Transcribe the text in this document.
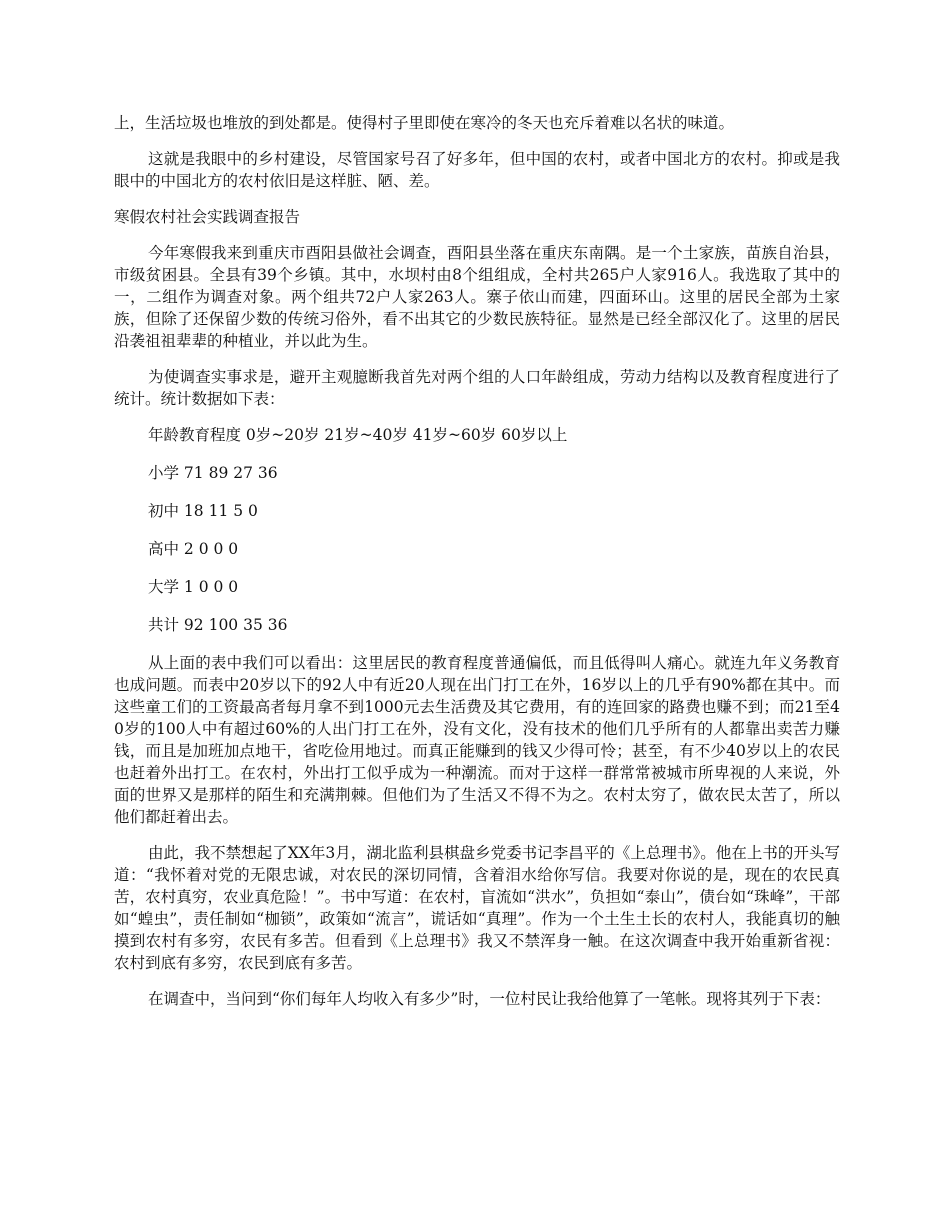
上，生活垃圾也堆放的到处都是。使得村子里即使在寒冷的冬天也充斥着难以名状的味道。

这就是我眼中的乡村建设，尽管国家号召了好多年，但中国的农村，或者中国北方的农村。抑或是我眼中的中国北方的农村依旧是这样脏、陋、差。

寒假农村社会实践调查报告

今年寒假我来到重庆市酉阳县做社会调查，酉阳县坐落在重庆东南隅。是一个土家族，苗族自治县，市级贫困县。全县有39个乡镇。其中，水坝村由8个组组成，全村共265户人家916人。我选取了其中的一，二组作为调查对象。两个组共72户人家263人。寨子依山而建，四面环山。这里的居民全部为土家族，但除了还保留少数的传统习俗外，看不出其它的少数民族特征。显然是已经全部汉化了。这里的居民沿袭祖祖辈辈的种植业，并以此为生。

为使调查实事求是，避开主观臆断我首先对两个组的人口年龄组成，劳动力结构以及教育程度进行了统计。统计数据如下表：

年龄教育程度 0岁~20岁 21岁~40岁 41岁~60岁 60岁以上

小学 71 89 27 36

初中 18 11 5 0

高中 2 0 0 0

大学 1 0 0 0

共计 92 100 35 36

从上面的表中我们可以看出：这里居民的教育程度普通偏低，而且低得叫人痛心。就连九年义务教育也成问题。而表中20岁以下的92人中有近20人现在出门打工在外，16岁以上的几乎有90%都在其中。而这些童工们的工资最高者每月拿不到1000元去生活费及其它费用，有的连回家的路费也赚不到；而21至40岁的100人中有超过60%的人出门打工在外，没有文化，没有技术的他们几乎所有的人都靠出卖苦力赚钱，而且是加班加点地干，省吃俭用地过。而真正能赚到的钱又少得可怜；甚至，有不少40岁以上的农民也赶着外出打工。在农村，外出打工似乎成为一种潮流。而对于这样一群常常被城市所卑视的人来说，外面的世界又是那样的陌生和充满荆棘。但他们为了生活又不得不为之。农村太穷了，做农民太苦了，所以他们都赶着出去。

由此，我不禁想起了XX年3月，湖北监利县棋盘乡党委书记李昌平的《上总理书》。他在上书的开头写道：“我怀着对党的无限忠诚，对农民的深切同情，含着泪水给你写信。我要对你说的是，现在的农民真苦，农村真穷，农业真危险！”。书中写道：在农村，盲流如“洪水”，负担如“泰山”，债台如“珠峰”，干部如“蝗虫”，责任制如“枷锁”，政策如“流言”，谎话如“真理”。作为一个土生土长的农村人，我能真切的触摸到农村有多穷，农民有多苦。但看到《上总理书》我又不禁浑身一触。在这次调查中我开始重新省视：农村到底有多穷，农民到底有多苦。

在调查中，当问到“你们每年人均收入有多少”时，一位村民让我给他算了一笔帐。现将其列于下表：
